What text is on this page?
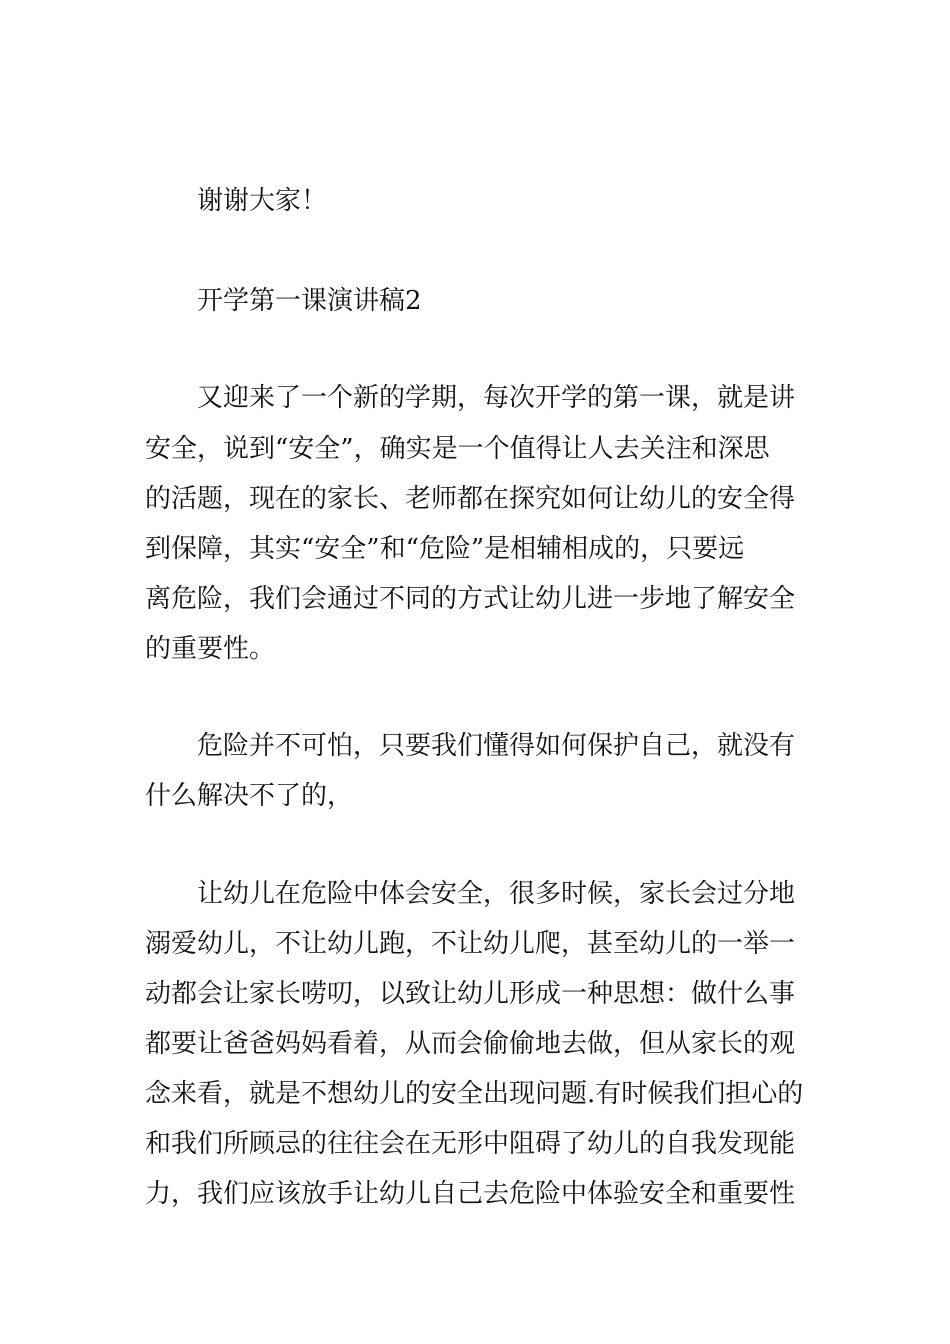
谢谢大家！
开学第一课演讲稿2
又迎来了一个新的学期，每次开学的第一课，就是讲
安全，说到“安全”，确实是一个值得让人去关注和深思
的活题，现在的家长、老师都在探究如何让幼儿的安全得
到保障，其实“安全”和“危险”是相辅相成的，只要远
离危险，我们会通过不同的方式让幼儿进一步地了解安全
的重要性。
危险并不可怕，只要我们懂得如何保护自己，就没有
什么解决不了的，
让幼儿在危险中体会安全，很多时候，家长会过分地
溺爱幼儿，不让幼儿跑，不让幼儿爬，甚至幼儿的一举一
动都会让家长唠叨，以致让幼儿形成一种思想：做什么事
都要让爸爸妈妈看着，从而会偷偷地去做，但从家长的观
念来看，就是不想幼儿的安全出现问题.有时候我们担心的
和我们所顾忌的往往会在无形中阻碍了幼儿的自我发现能
力，我们应该放手让幼儿自己去危险中体验安全和重要性
